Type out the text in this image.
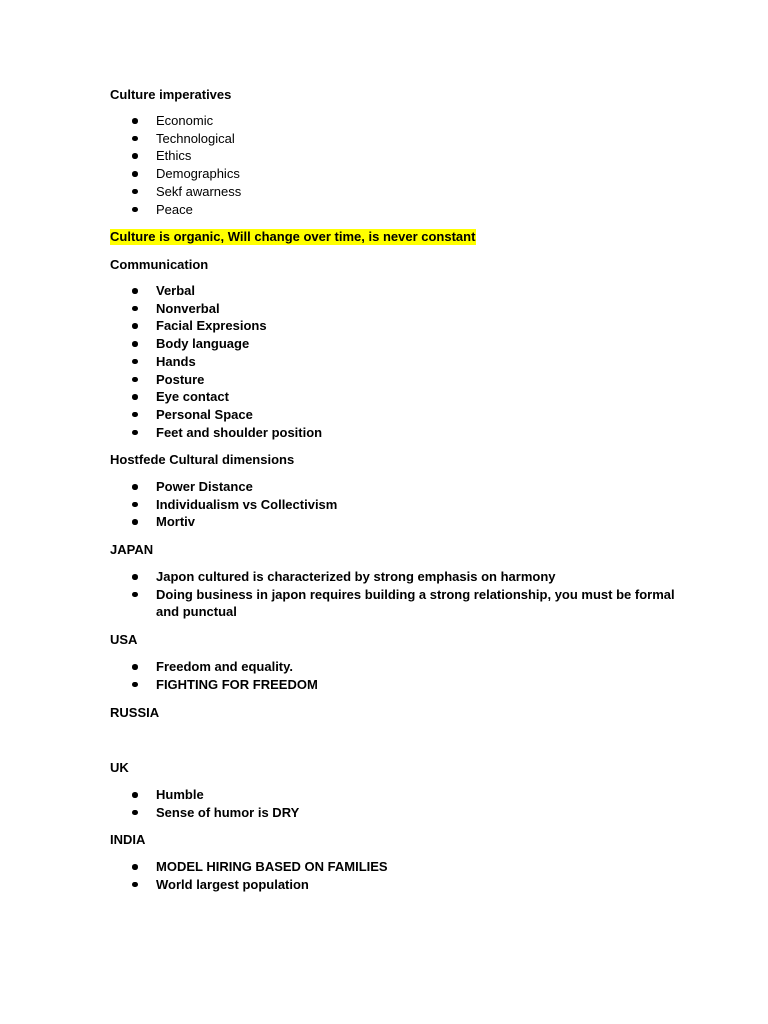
Culture imperatives
Economic
Technological
Ethics
Demographics
Sekf awarness
Peace
Culture is organic, Will change over time, is never constant
Communication
Verbal
Nonverbal
Facial Expresions
Body language
Hands
Posture
Eye contact
Personal Space
Feet and shoulder position
Hostfede Cultural dimensions
Power Distance
Individualism vs Collectivism
Mortiv
JAPAN
Japon cultured is characterized by strong emphasis on harmony
Doing business in japon requires building a strong relationship, you must be formal and punctual
USA
Freedom and equality.
FIGHTING FOR FREEDOM
RUSSIA
UK
Humble
Sense of humor is DRY
INDIA
MODEL HIRING BASED ON FAMILIES
World largest population
